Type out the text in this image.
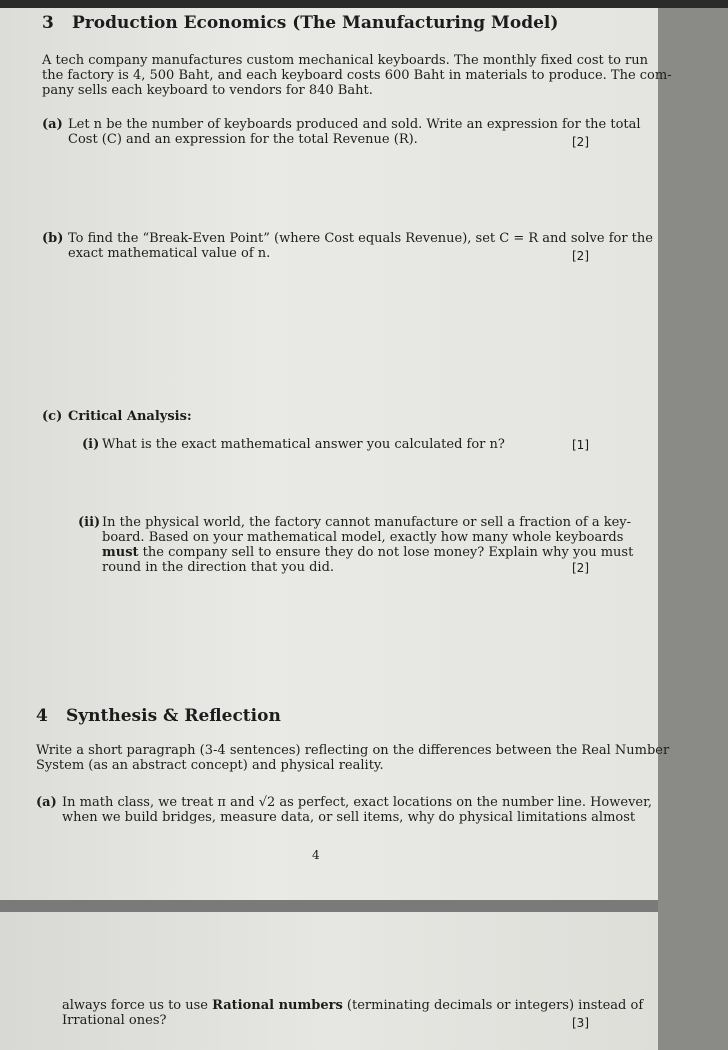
3 Production Economics (The Manufacturing Model)
A tech company manufactures custom mechanical keyboards. The monthly fixed cost to run
the factory is 4, 500 Baht, and each keyboard costs 600 Baht in materials to produce. The com-
pany sells each keyboard to vendors for 840 Baht.
(a) Let n be the number of keyboards produced and sold. Write an expression for the total
Cost (C) and an expression for the total Revenue (R).	[2]
(b) To find the “Break-Even Point” (where Cost equals Revenue), set C = R and solve for the
exact mathematical value of n.	[2]
(c) Critical Analysis:
(i) What is the exact mathematical answer you calculated for n?	[1]
(ii) In the physical world, the factory cannot manufacture or sell a fraction of a key-
board. Based on your mathematical model, exactly how many whole keyboards
must the company sell to ensure they do not lose money? Explain why you must
round in the direction that you did.	[2]
4 Synthesis & Reflection
Write a short paragraph (3-4 sentences) reflecting on the differences between the Real Number
System (as an abstract concept) and physical reality.
(a) In math class, we treat π and √2 as perfect, exact locations on the number line. However,
when we build bridges, measure data, or sell items, why do physical limitations almost
4
always force us to use Rational numbers (terminating decimals or integers) instead of
Irrational ones?	[3]
